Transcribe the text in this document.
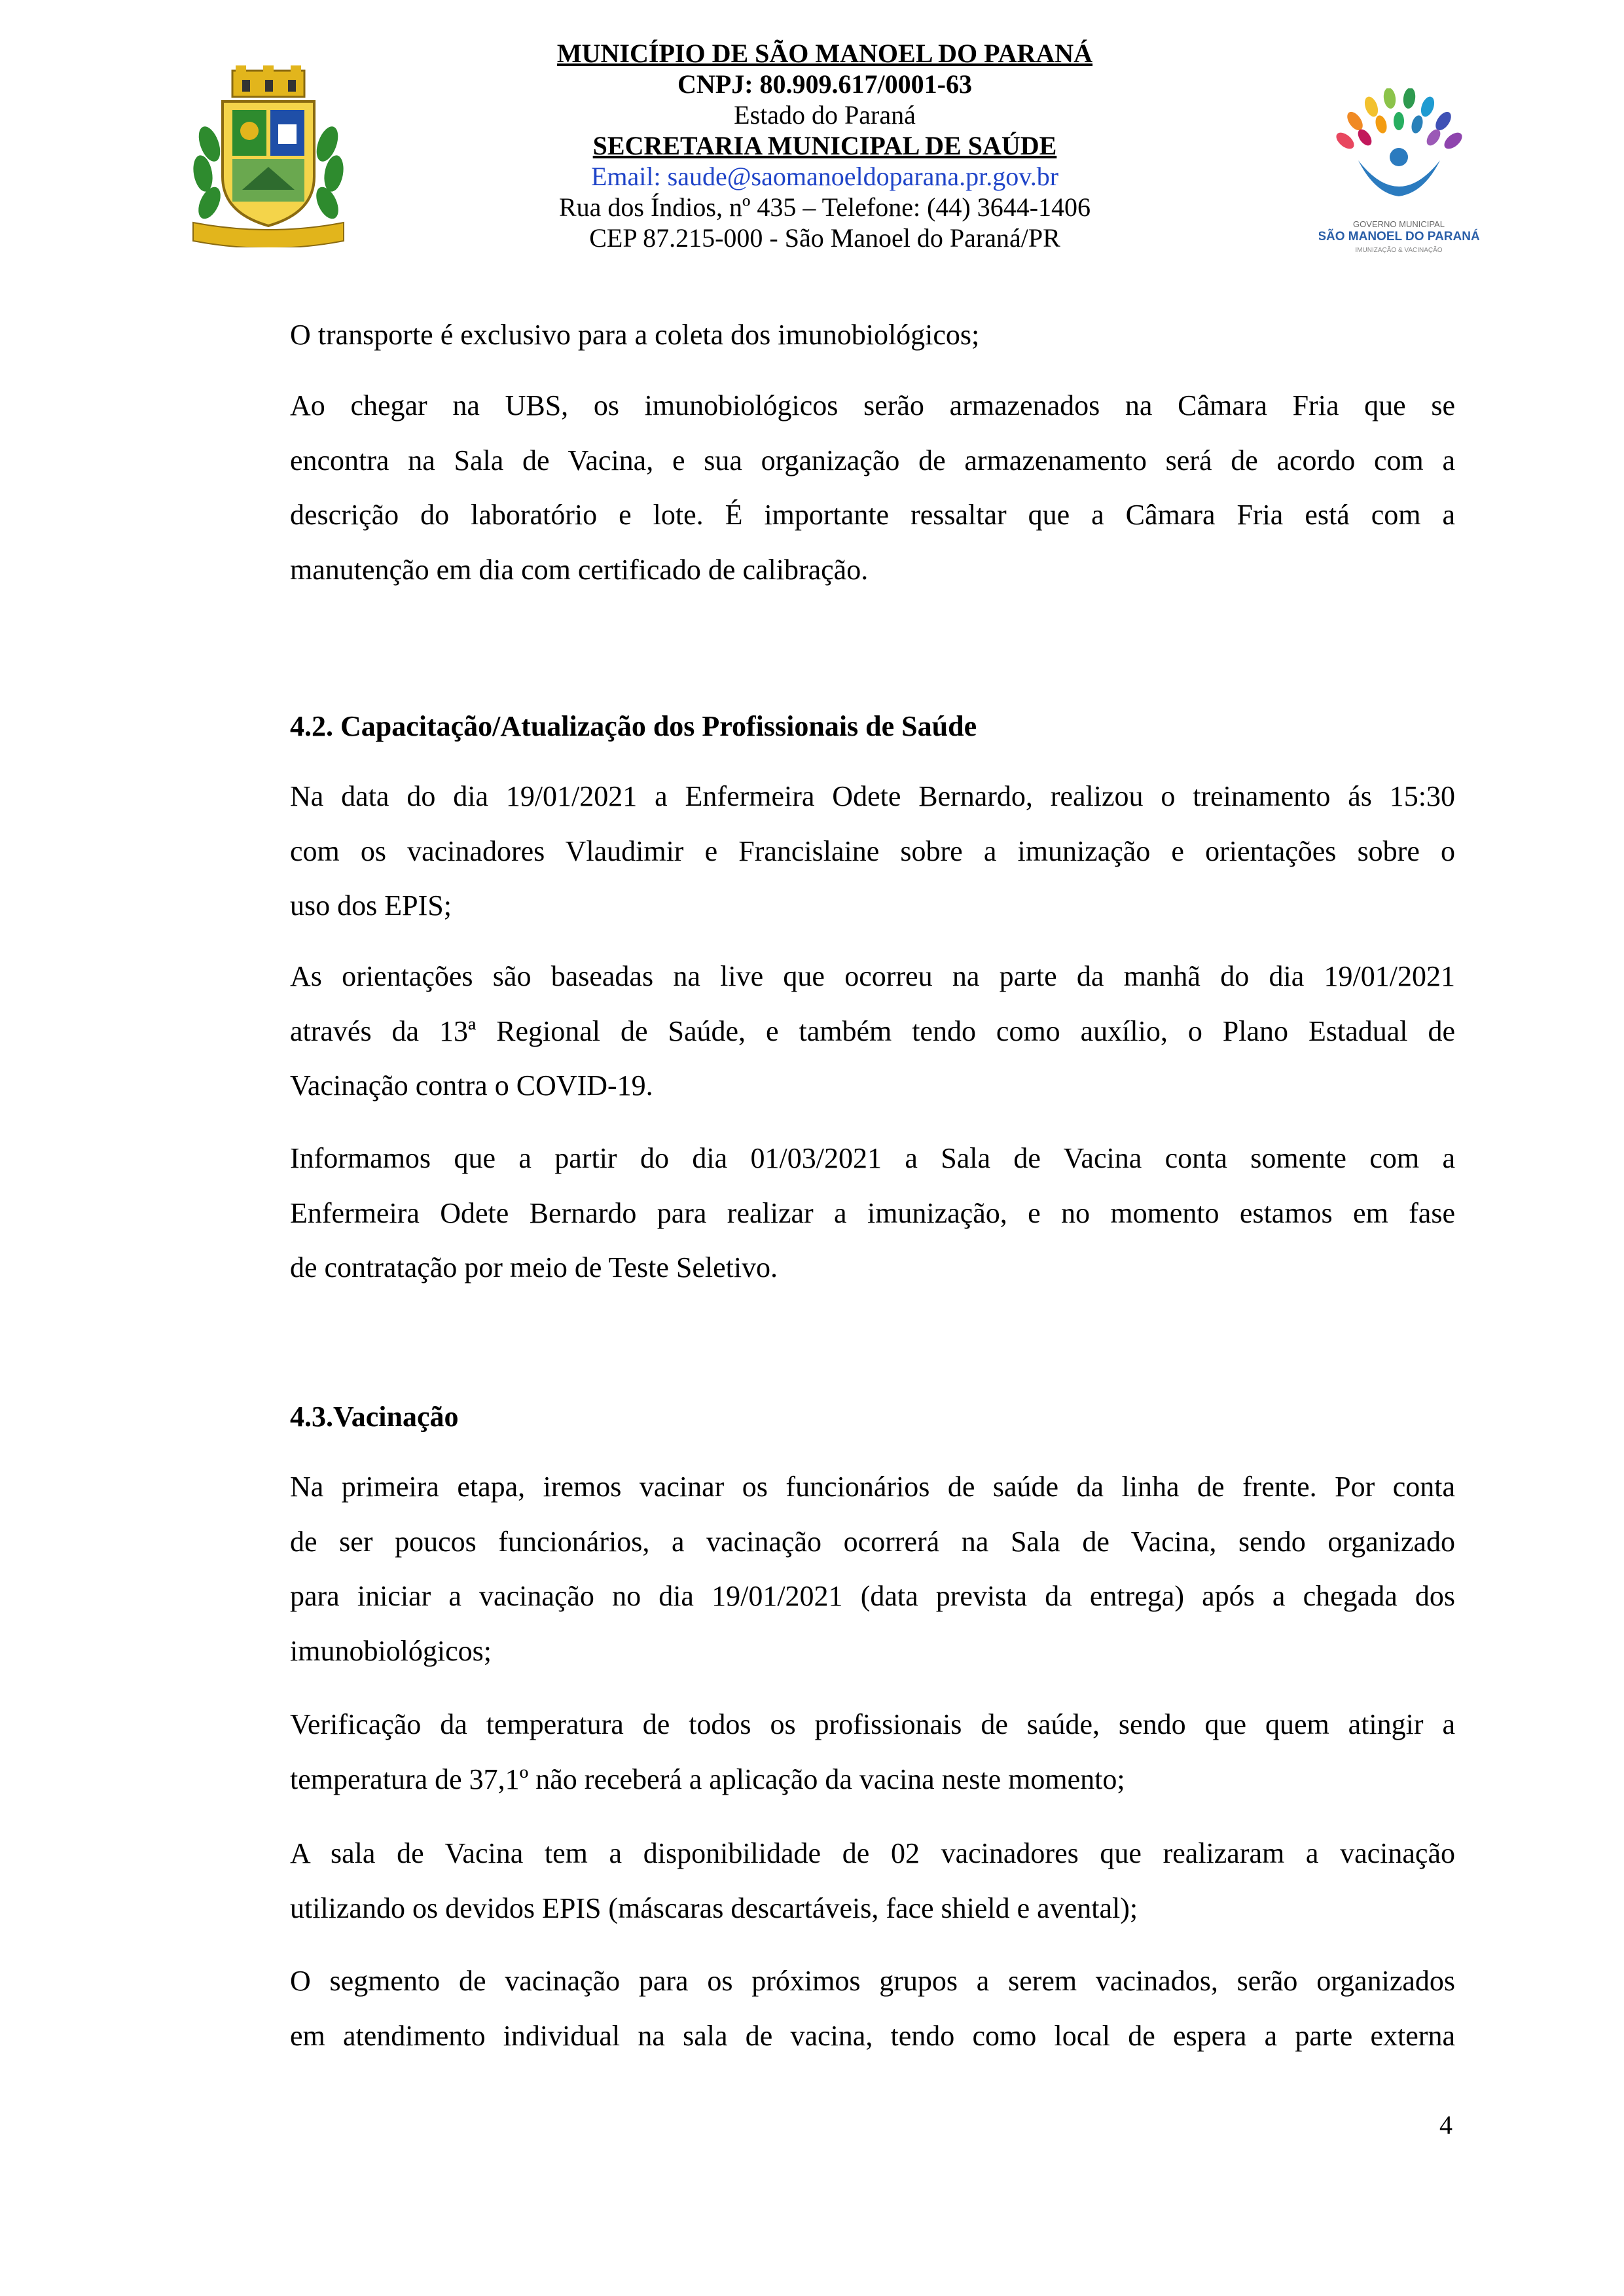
MUNICÍPIO DE SÃO MANOEL DO PARANÁ
CNPJ: 80.909.617/0001-63
Estado do Paraná
SECRETARIA MUNICIPAL DE SAÚDE
Email: saude@saomanoeldoparana.pr.gov.br
Rua dos Índios, nº 435 – Telefone: (44) 3644-1406
CEP 87.215-000 - São Manoel do Paraná/PR	GOVERNO MUNICIPAL
SÃO MANOEL DO PARANÁ
IMUNIZAÇÃO & VACINAÇÃO
O transporte é exclusivo para a coleta dos imunobiológicos;
Ao chegar na UBS, os imunobiológicos serão armazenados na Câmara Fria que se
encontra na Sala de Vacina, e sua organização de armazenamento será de acordo com a
descrição do laboratório e lote. É importante ressaltar que a Câmara Fria está com a
manutenção em dia com certificado de calibração.
4.2. Capacitação/Atualização dos Profissionais de Saúde
Na data do dia 19/01/2021 a Enfermeira Odete Bernardo, realizou o treinamento ás 15:30
com os vacinadores Vlaudimir e Francislaine sobre a imunização e orientações sobre o
uso dos EPIS;
As orientações são baseadas na live que ocorreu na parte da manhã do dia 19/01/2021
através da 13ª Regional de Saúde, e também tendo como auxílio, o Plano Estadual de
Vacinação contra o COVID-19.
Informamos que a partir do dia 01/03/2021 a Sala de Vacina conta somente com a
Enfermeira Odete Bernardo para realizar a imunização, e no momento estamos em fase
de contratação por meio de Teste Seletivo.
4.3.Vacinação
Na primeira etapa, iremos vacinar os funcionários de saúde da linha de frente. Por conta
de ser poucos funcionários, a vacinação ocorrerá na Sala de Vacina, sendo organizado
para iniciar a vacinação no dia 19/01/2021 (data prevista da entrega) após a chegada dos
imunobiológicos;
Verificação da temperatura de todos os profissionais de saúde, sendo que quem atingir a
temperatura de 37,1º não receberá a aplicação da vacina neste momento;
A sala de Vacina tem a disponibilidade de 02 vacinadores que realizaram a vacinação
utilizando os devidos EPIS (máscaras descartáveis, face shield e avental);
O segmento de vacinação para os próximos grupos a serem vacinados, serão organizados
em atendimento individual na sala de vacina, tendo como local de espera a parte externa
4
